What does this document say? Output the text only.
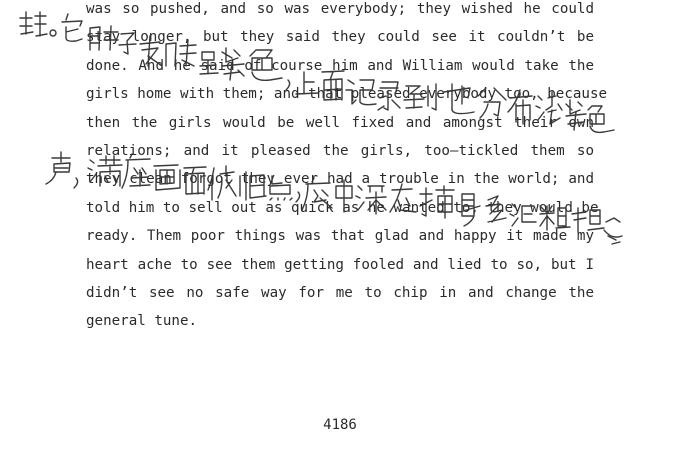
was so pushed, and so was everybody; they wished he could
stay longer, but they said they could see it couldn’t be
done. And he said of course him and William would take the
girls home with them; and that pleased everybody too, because
then the girls would be well fixed and amongst their own
relations; and it pleased the girls, too—tickled them so
they clean forgot they ever had a trouble in the world; and
told him to sell out as quick as he wanted to, they would be
ready. Them poor things was that glad and happy it made my
heart ache to see them getting fooled and lied to so, but I
didn’t see no safe way for me to chip in and change the
general tune.
4186
